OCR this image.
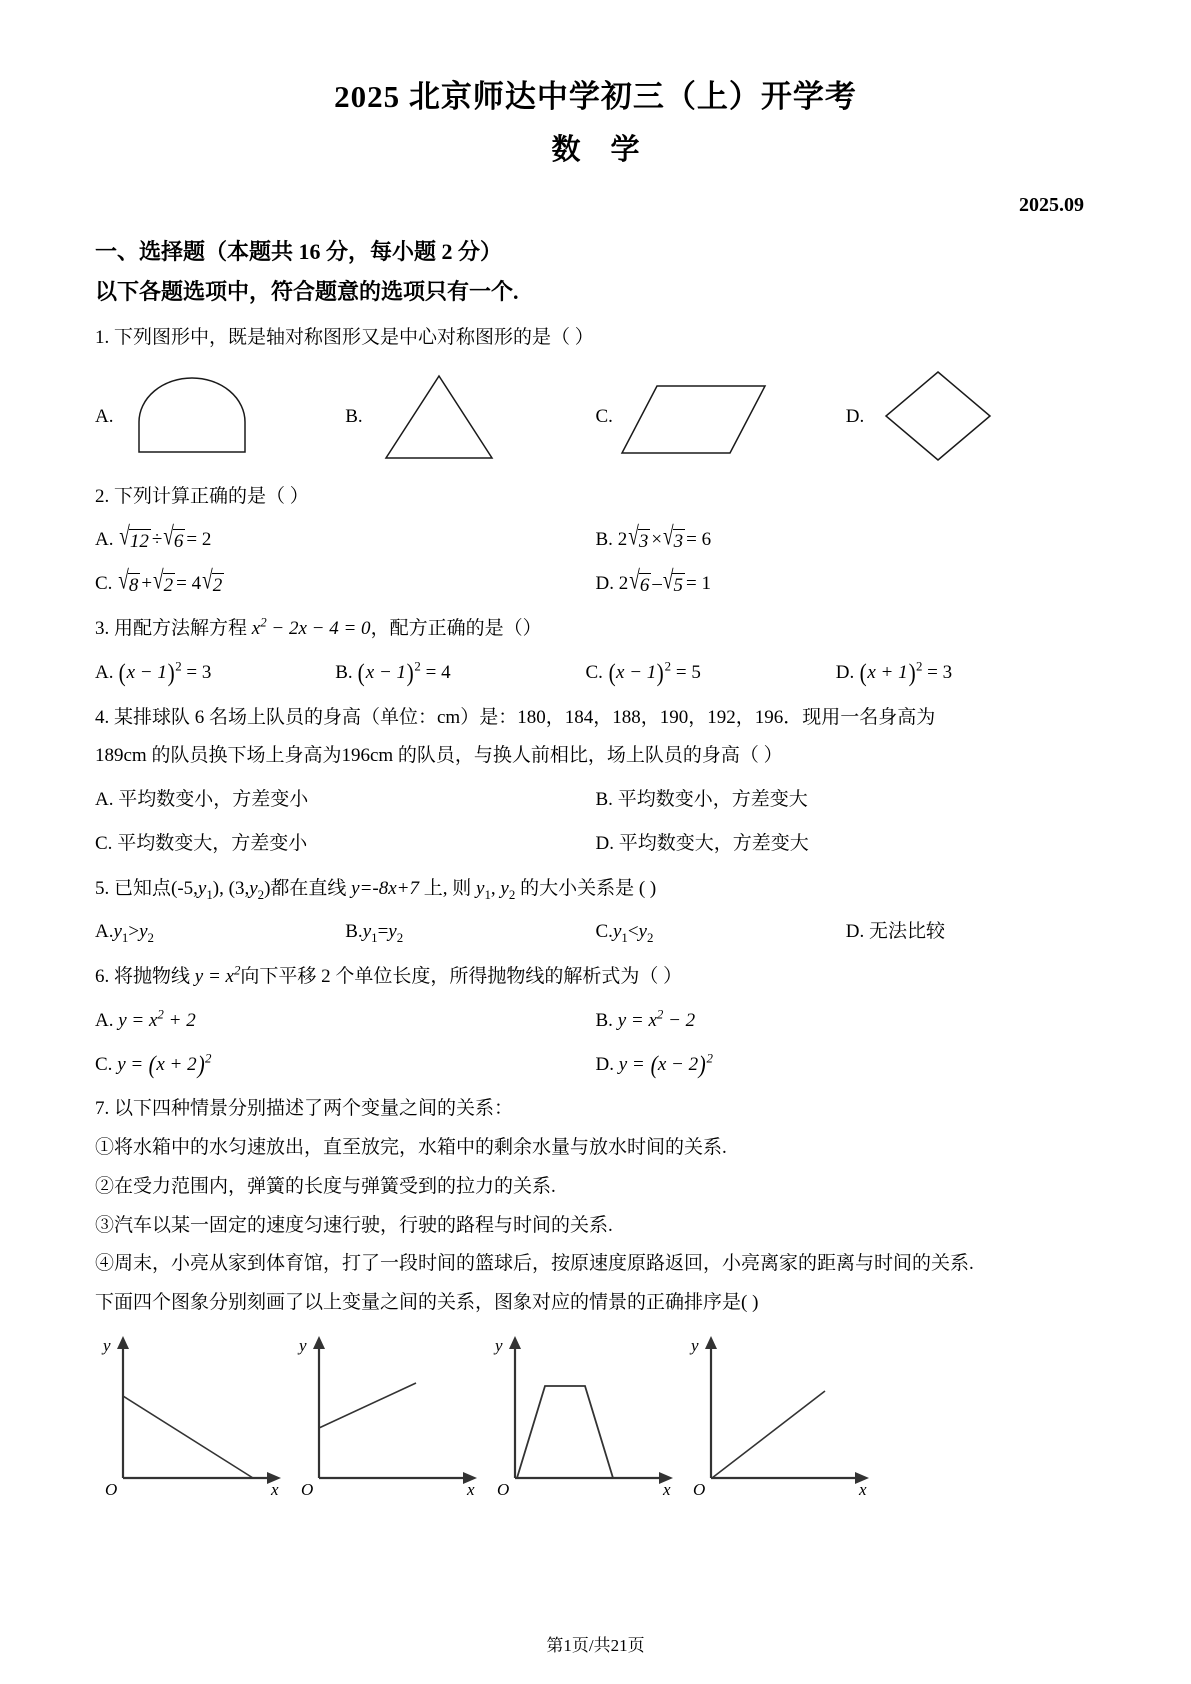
2025 北京师达中学初三（上）开学考
数学
2025.09
一、选择题（本题共 16 分，每小题 2 分）
以下各题选项中，符合题意的选项只有一个.

1. 下列图形中，既是轴对称图形又是中心对称图形的是（ ）

A.	B.	C.	D.

2. 下列计算正确的是（ ）

A.
√ 12 ÷ √ 6 = 2	B.
2 √ 3 × √ 3 = 6
C.
√ 8 + √ 2 =
4 √ 2	D.
2 √ 6 – √ 5 = 1

3. 用配方法解方程 $x^2 - 2x - 4 = 0$，配方正确的是（）

A.
$(x - 1)^2$
= 3	B.
$(x - 1)^2$
= 4	C.
$(x - 1)^2$
= 5	D.
$(x + 1)^2$
= 3

4. 某排球队 6 名场上队员的身高（单位：cm）是：180，184，188，190，192，196．现用一名身高为

189cm 的队员换下场上身高为196cm 的队员，与换人前相比，场上队员的身高（ ）

A. 平均数变小，方差变小	B. 平均数变小，方差变大
C. 平均数变大，方差变小	D. 平均数变大，方差变大

5. 已知点$(-5,y_1)$, $(3,y_2)$都在直线 y=-8x+7 上, 则 $y_1$, $y_2$ 的大小关系是 ( )

$A.y_1>y_2$	$B.y_1=y_2$	$C.y_1<y_2$	D. 无法比较

6. 将抛物线 $y = x^2$向下平移 2 个单位长度，所得抛物线的解析式为（ ）

A.
$y = x^2 + 2$	B.
$y = x^2 - 2$
C.
$y = (x + 2)^2$	D.
$y = (x - 2)^2$

7. 以下四种情景分别描述了两个变量之间的关系：

①将水箱中的水匀速放出，直至放完，水箱中的剩余水量与放水时间的关系.

②在受力范围内，弹簧的长度与弹簧受到的拉力的关系.

③汽车以某一固定的速度匀速行驶，行驶的路程与时间的关系.

④周末，小亮从家到体育馆，打了一段时间的篮球后，按原速度原路返回，小亮离家的距离与时间的关系.

下面四个图象分别刻画了以上变量之间的关系，图象对应的情景的正确排序是( )

O
y
x O
y
x O
y
x O
y
x
第1页/共21页
